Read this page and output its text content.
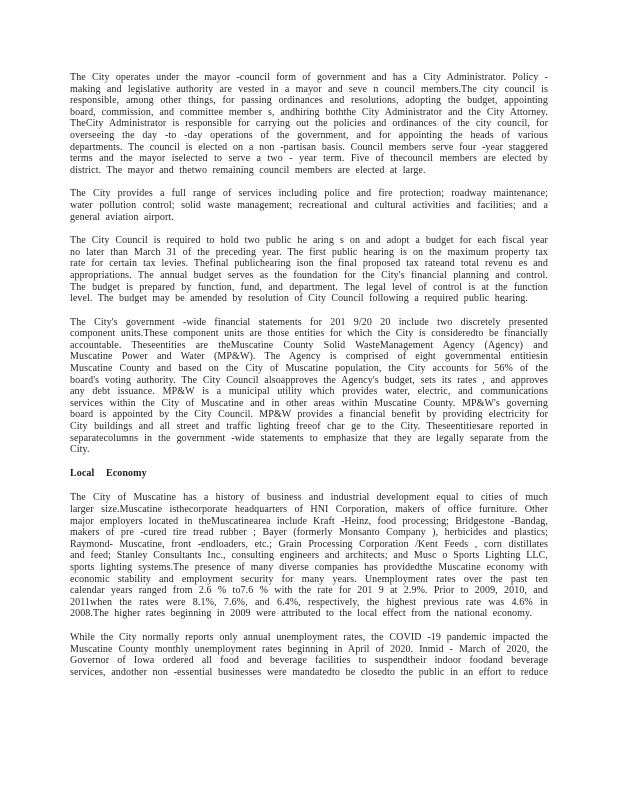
The City operates under the mayor -council form of government and has a City Administrator. Policy - making and legislative authority are vested in a mayor and seve n council members.The city council is responsible, among other things, for passing ordinances and resolutions, adopting the budget, appointing board, commission, and committee member s, andhiring boththe City Administrator and the City Attorney. TheCity Administrator is responsible for carrying out the policies and ordinances of the city council, for overseeing the day -to -day operations of the government, and for appointing the heads of various departments. The council is elected on a non -partisan basis. Council members serve four -year staggered terms and the mayor iselected to serve a two - year term. Five of thecouncil members are elected by district. The mayor and thetwo remaining council members are elected at large.

The City provides a full range of services including police and fire protection; roadway maintenance; water pollution control; solid waste management; recreational and cultural activities and facilities; and a general aviation airport.

The City Council is required to hold two public he aring s on and adopt a budget for each fiscal year no later than March 31 of the preceding year. The first public hearing is on the maximum property tax rate for certain tax levies. Thefinal publichearing ison the final proposed tax rateand total revenu es and appropriations. The annual budget serves as the foundation for the City's financial planning and control. The budget is prepared by function, fund, and department. The legal level of control is at the function level. The budget may be amended by resolution of City Council following a required public hearing.

The City's government -wide financial statements for 201 9/20 20 include two discretely presented component units.These component units are those entities for which the City is consideredto be financially accountable. Theseentities are theMuscatine County Solid WasteManagement Agency (Agency) and Muscatine Power and Water (MP&W). The Agency is comprised of eight governmental entitiesin Muscatine County and based on the City of Muscatine population, the City accounts for 56% of the board's voting authority. The City Council alsoapproves the Agency's budget, sets its rates , and approves any debt issuance. MP&W is a municipal utility which provides water, electric, and communications services within the City of Muscatine and in other areas within Muscatine County. MP&W's governing board is appointed by the City Council. MP&W provides a financial benefit by providing electricity for City buildings and all street and traffic lighting freeof char ge to the City. Theseentitiesare reported in separatecolumns in the government -wide statements to emphasize that they are legally separate from the City.

Local Economy

The City of Muscatine has a history of business and industrial development equal to cities of much larger size.Muscatine isthecorporate headquarters of HNI Corporation, makers of office furniture. Other major employers located in theMuscatinearea include Kraft -Heinz, food processing; Bridgestone -Bandag, makers of pre -cured tire tread rubber ; Bayer (formerly Monsanto Company ), herbicides and plastics; Raymond- Muscatine, front -endloaders, etc.; Grain Processing Corporation /Kent Feeds , corn distillates and feed; Stanley Consultants Inc., consulting engineers and architects; and Musc o Sports Lighting LLC, sports lighting systems.The presence of many diverse companies has providedthe Muscatine economy with economic stability and employment security for many years. Unemployment rates over the past ten calendar years ranged from 2.6 % to7.6 % with the rate for 201 9 at 2.9%. Prior to 2009, 2010, and 2011when the rates were 8.1%, 7.6%, and 6.4%, respectively, the highest previous rate was 4.6% in 2008.The higher rates beginning in 2009 were attributed to the local effect from the national economy.

While the City normally reports only annual unemployment rates, the COVID -19 pandemic impacted the Muscatine County monthly unemployment rates beginning in April of 2020. Inmid - March of 2020, the Governor of Iowa ordered all food and beverage facilities to suspendtheir indoor foodand beverage services, andother non -essential businesses were mandatedto be closedto the public in an effort to reduce
